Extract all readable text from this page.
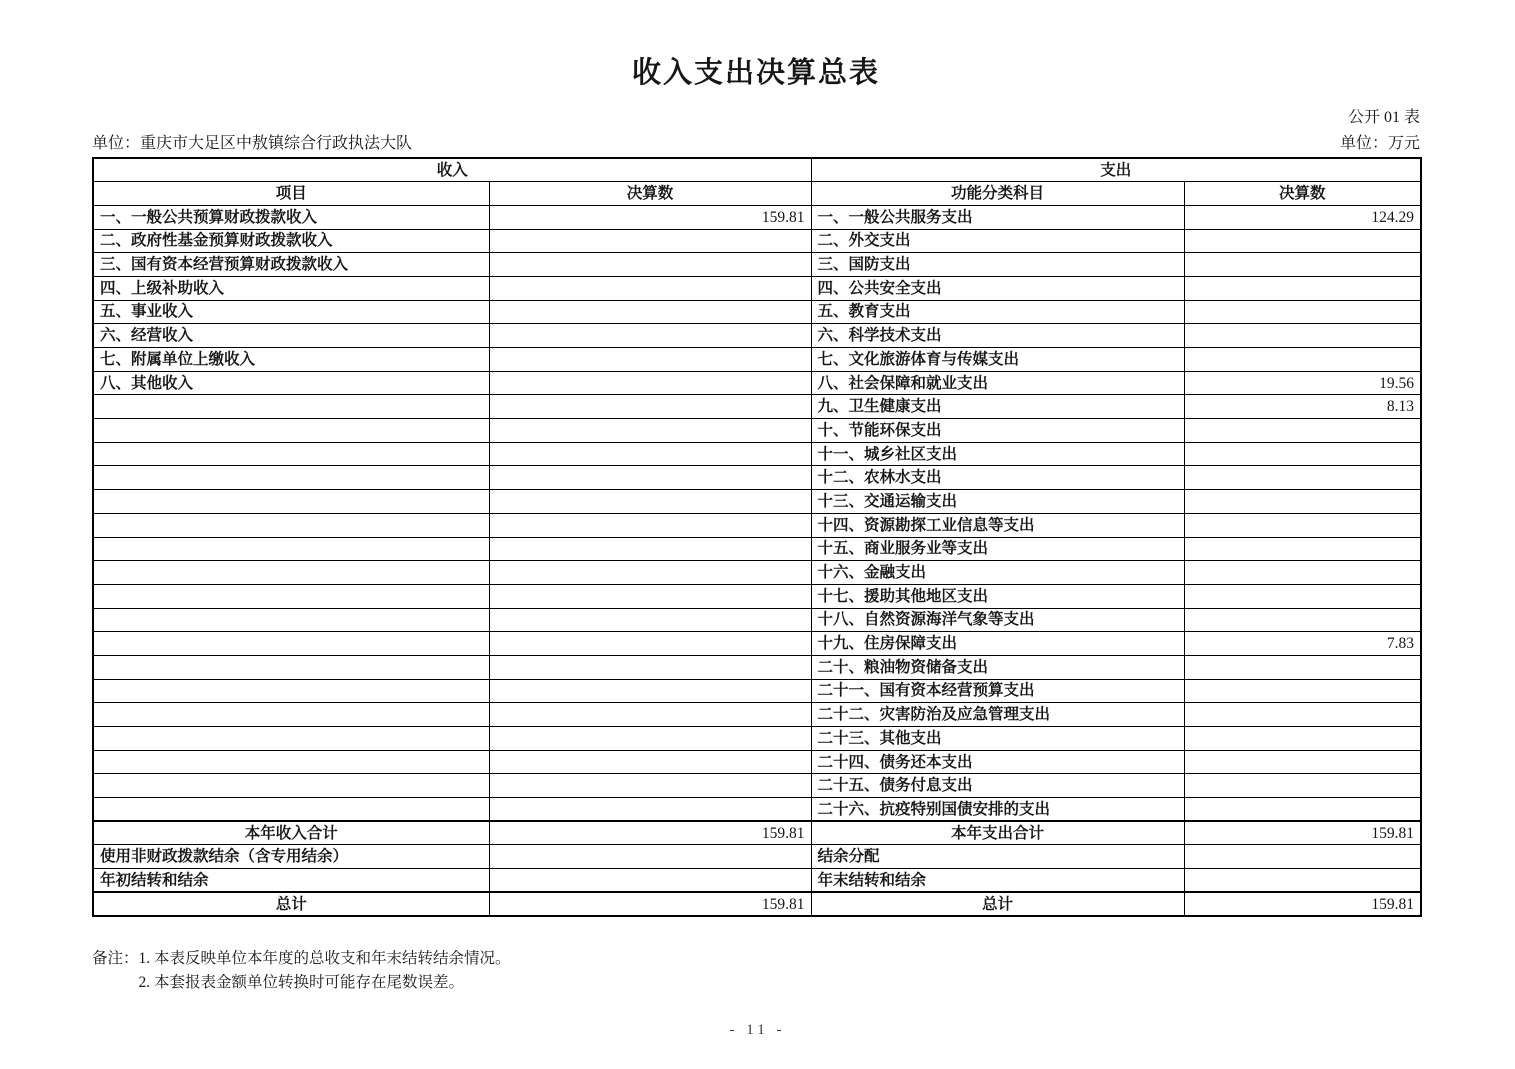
收入支出决算总表
公开 01 表
单位：重庆市大足区中敖镇综合行政执法大队	单位：万元
收入		支出	
项目	决算数	功能分类科目	决算数
一、一般公共预算财政拨款收入	159.81	一、一般公共服务支出	124.29
二、政府性基金预算财政拨款收入		二、外交支出	
三、国有资本经营预算财政拨款收入		三、国防支出	
四、上级补助收入		四、公共安全支出	
五、事业收入		五、教育支出	
六、经营收入		六、科学技术支出	
七、附属单位上缴收入		七、文化旅游体育与传媒支出	
八、其他收入		八、社会保障和就业支出	19.56
		九、卫生健康支出	8.13
		十、节能环保支出	
		十一、城乡社区支出	
		十二、农林水支出	
		十三、交通运输支出	
		十四、资源勘探工业信息等支出	
		十五、商业服务业等支出	
		十六、金融支出	
		十七、援助其他地区支出	
		十八、自然资源海洋气象等支出	
		十九、住房保障支出	7.83
		二十、粮油物资储备支出	
		二十一、国有资本经营预算支出	
		二十二、灾害防治及应急管理支出	
		二十三、其他支出	
		二十四、债务还本支出	
		二十五、债务付息支出	
		二十六、抗疫特别国债安排的支出	
本年收入合计	159.81	本年支出合计	159.81
使用非财政拨款结余（含专用结余）		结余分配	
年初结转和结余		年末结转和结余	
总计	159.81	总计	159.81
备注： 1. 本表反映单位本年度的总收支和年末结转结余情况。
2. 本套报表金额单位转换时可能存在尾数误差。
- 11 -
